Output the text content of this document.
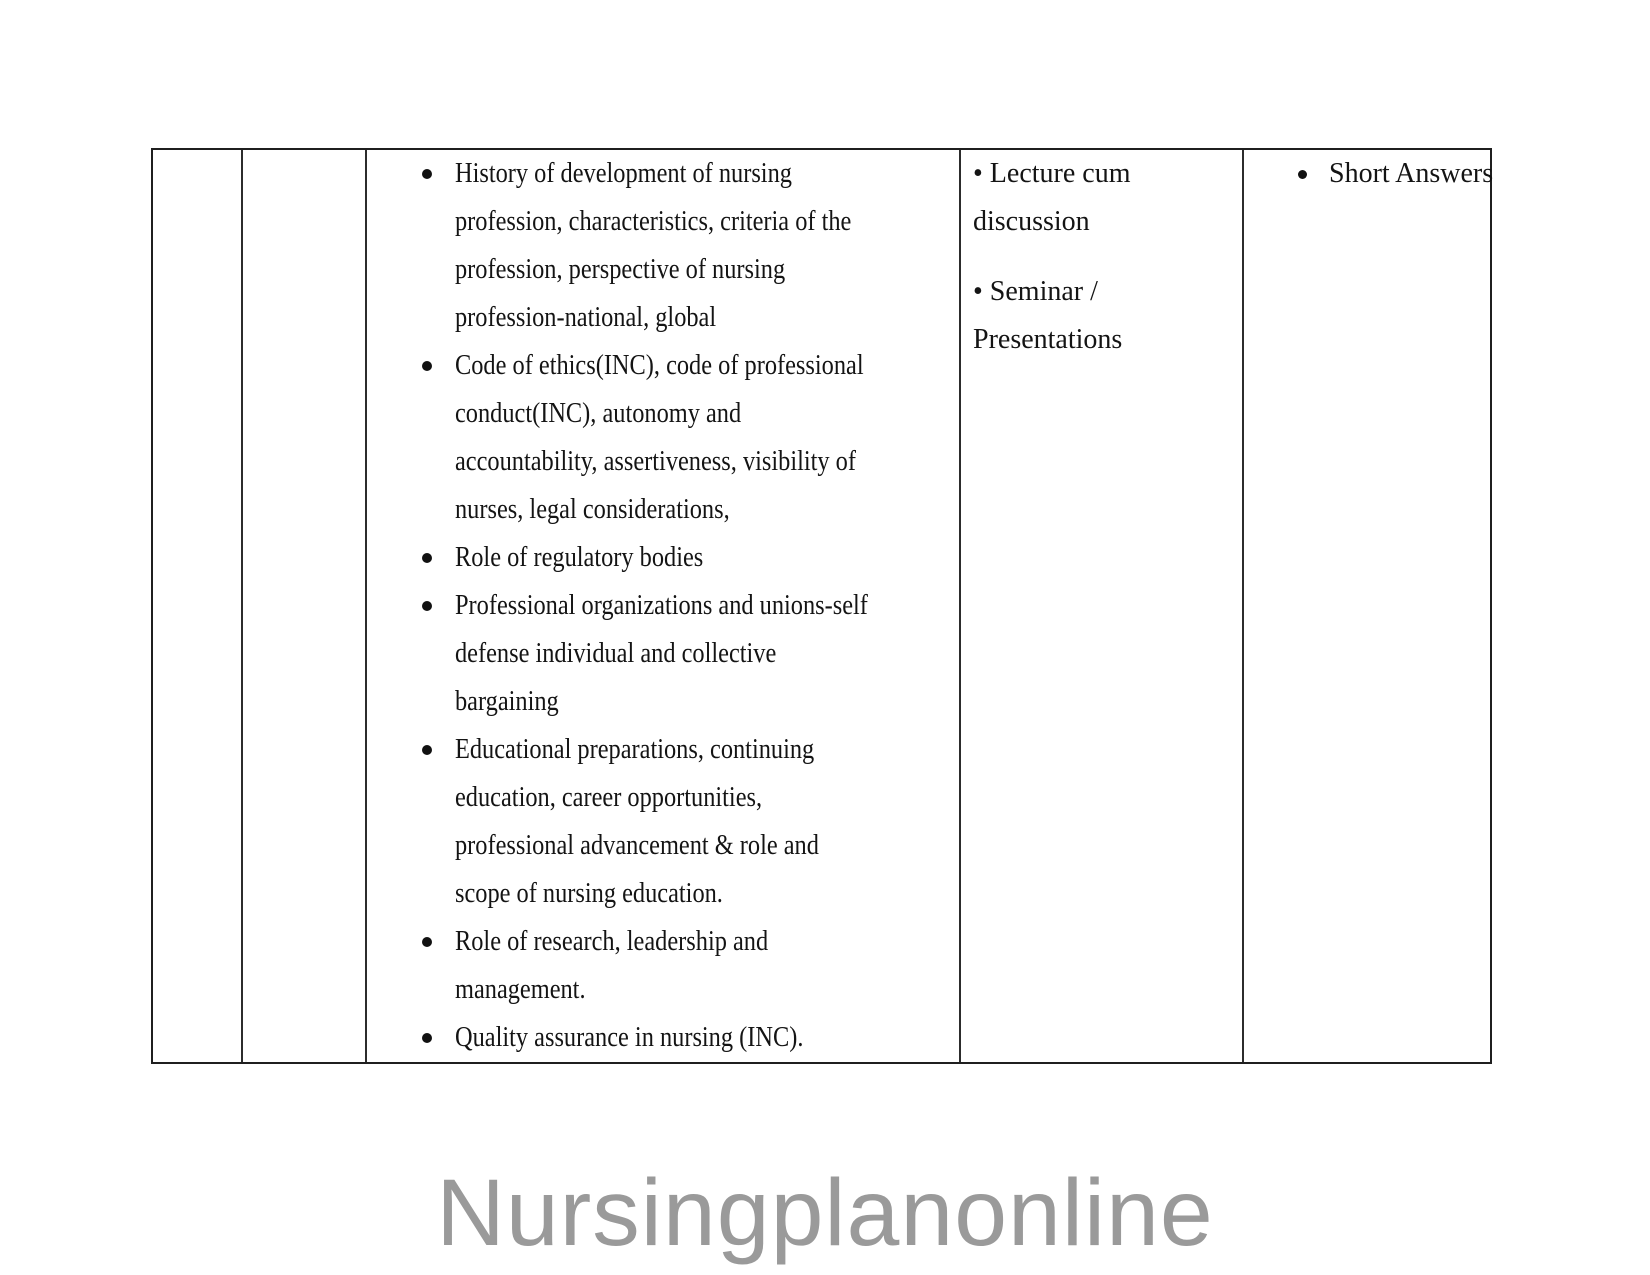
History of development of nursing
profession, characteristics, criteria of the
profession, perspective of nursing
profession-national, global
Code of ethics(INC), code of professional
conduct(INC), autonomy and
accountability, assertiveness, visibility of
nurses, legal considerations,
Role of regulatory bodies
Professional organizations and unions-self
defense individual and collective
bargaining
Educational preparations, continuing
education, career opportunities,
professional advancement & role and
scope of nursing education.
Role of research, leadership and
management.
Quality assurance in nursing (INC).
• Lecture cum
discussion
• Seminar /
Presentations
Short Answers
Nursingplanonline
